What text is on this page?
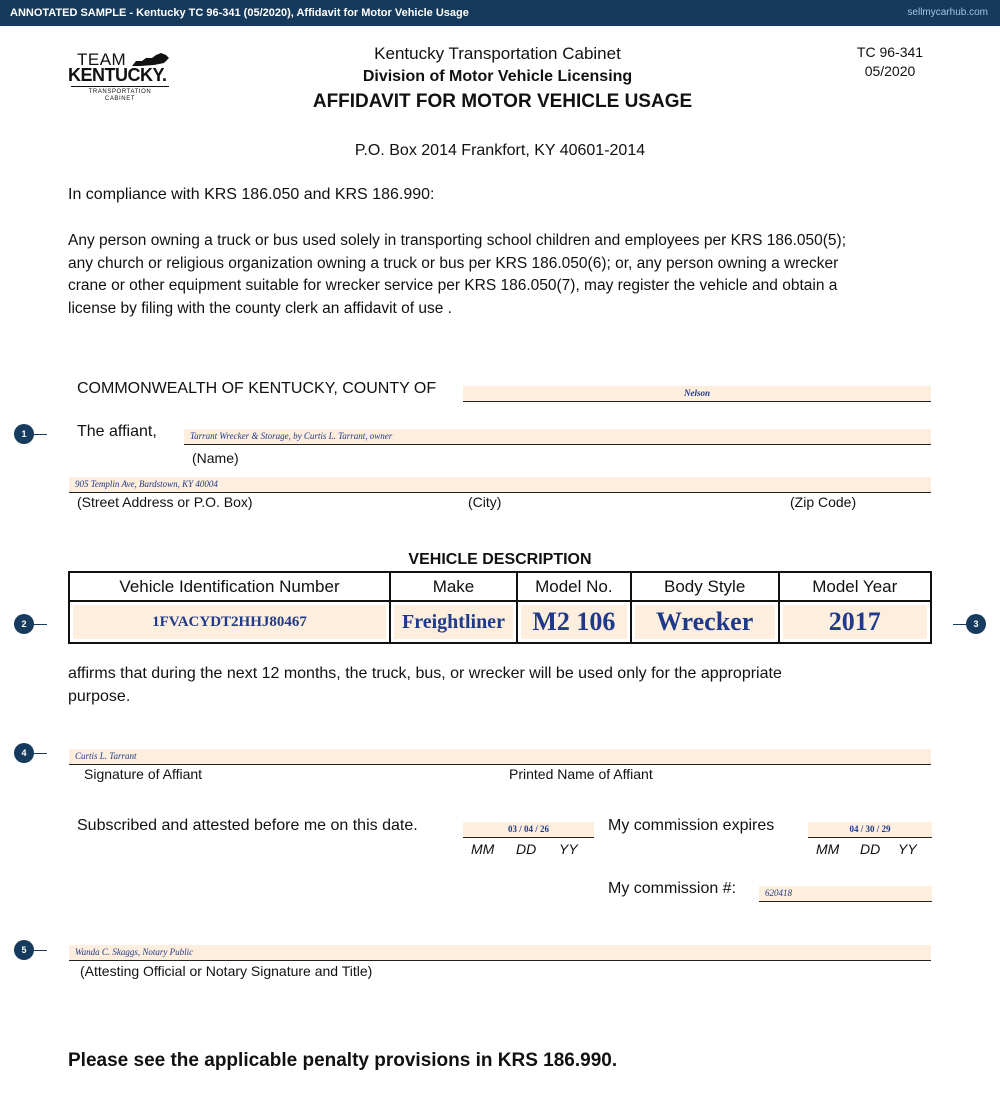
ANNOTATED SAMPLE - Kentucky TC 96-341 (05/2020), Affidavit for Motor Vehicle Usage	sellmycarhub.com
TEAM
KENTUCKY.
TRANSPORTATION
CABINET
Kentucky Transportation Cabinet
Division of Motor Vehicle Licensing
AFFIDAVIT FOR MOTOR VEHICLE USAGE
TC 96-341
05/2020
P.O. Box 2014 Frankfort, KY 40601-2014
In compliance with KRS 186.050 and KRS 186.990:
Any person owning a truck or bus used solely in transporting school children and employees per KRS 186.050(5);
any church or religious organization owning a truck or bus per KRS 186.050(6); or, any person owning a wrecker
crane or other equipment suitable for wrecker service per KRS 186.050(7), may register the vehicle and obtain a
license by filing with the county clerk an affidavit of use .
COMMONWEALTH OF KENTUCKY, COUNTY OF	Nelson
The affiant,	Tarrant Wrecker & Storage, by Curtis L. Tarrant, owner
(Name)
905 Templin Ave, Bardstown, KY 40004
(Street Address or P.O. Box)	(City)	(Zip Code)
VEHICLE DESCRIPTION
Vehicle Identification Number	Make	Model No.	Body Style	Model Year

1FVACYDT2HHJ80467	Freightliner	M2 106	Wrecker	2017
affirms that during the next 12 months, the truck, bus, or wrecker will be used only for the appropriate
purpose.
Curtis L. Tarrant
Signature of Affiant	Printed Name of Affiant
Subscribed and attested before me on this date.	03 / 04 / 26
MM DD YY
My commission expires	04 / 30 / 29
MM DD YY
My commission #:	620418
Wanda C. Skaggs, Notary Public
(Attesting Official or Notary Signature and Title)
Please see the applicable penalty provisions in KRS 186.990.
1
2	3
4
5
